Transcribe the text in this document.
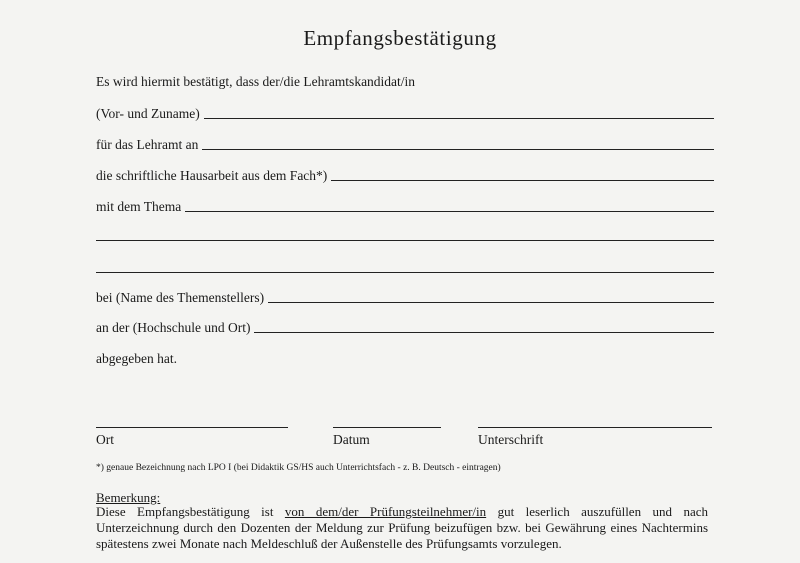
Empfangsbestätigung
Es wird hiermit bestätigt, dass der/die Lehramtskandidat/in
(Vor- und Zuname)
für das Lehramt an
die schriftliche Hausarbeit aus dem Fach*)
mit dem Thema
bei (Name des Themenstellers)
an der (Hochschule und Ort)
abgegeben hat.
Ort	Datum	Unterschrift
*) genaue Bezeichnung nach LPO I (bei Didaktik GS/HS auch Unterrichtsfach - z. B. Deutsch - eintragen)
Bemerkung:
Diese Empfangsbestätigung ist von dem/der Prüfungsteilnehmer/in gut leserlich auszufüllen und nach Unterzeichnung durch den Dozenten der Meldung zur Prüfung beizufügen bzw. bei Gewährung eines Nachtermins spätestens zwei Monate nach Meldeschluß der Außenstelle des Prüfungsamts vorzulegen.
